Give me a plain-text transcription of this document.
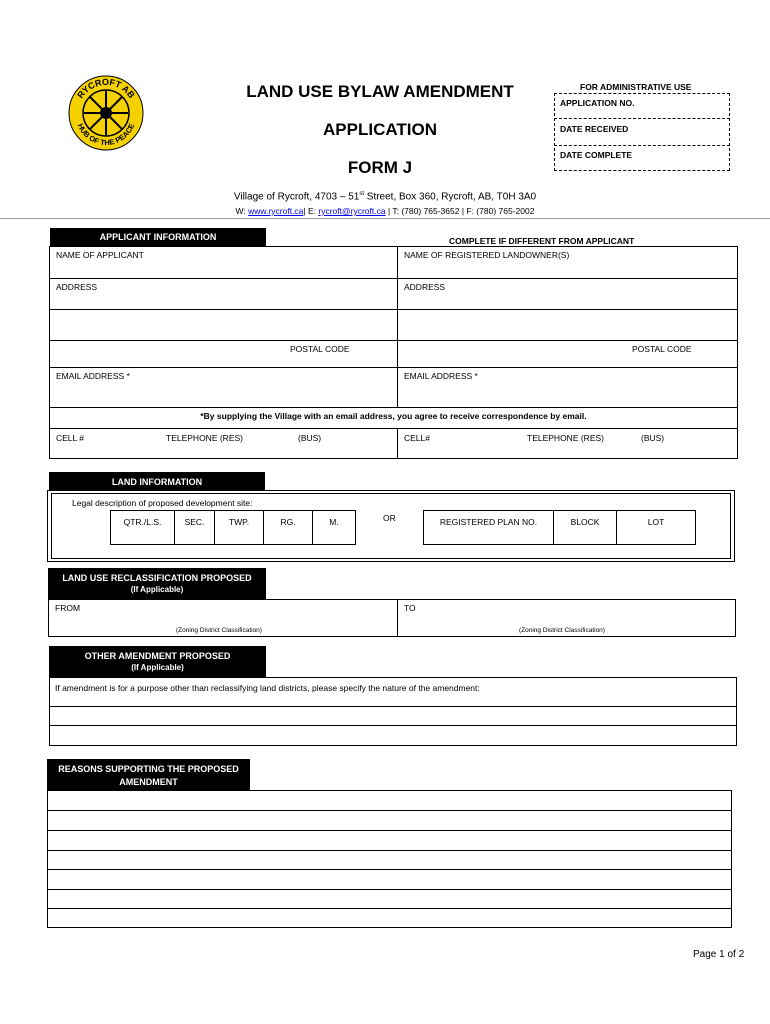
RYCROFT AB
HUB OF THE PEACE
LAND USE BYLAW AMENDMENT
APPLICATION
FORM J
FOR ADMINISTRATIVE USE
APPLICATION NO.
DATE RECEIVED
DATE COMPLETE
Village of Rycroft, 4703 – 51st Street, Box 360, Rycroft, AB, T0H 3A0
W: www.rycroft.ca| E: rycroft@rycroft.ca | T: (780) 765-3652 | F: (780) 765-2002
APPLICANT INFORMATION	COMPLETE IF DIFFERENT FROM APPLICANT
NAME OF APPLICANT	NAME OF REGISTERED LANDOWNER(S)
ADDRESS	ADDRESS
POSTAL CODE	POSTAL CODE
EMAIL ADDRESS *	EMAIL ADDRESS *
*By supplying the Village with an email address, you agree to receive correspondence by email.
CELL #	TELEPHONE (RES)	(BUS)	CELL#	TELEPHONE (RES)	(BUS)
LAND INFORMATION
Legal description of proposed development site:
QTR./L.S.	SEC.	TWP.	RG.	M.	OR	REGISTERED PLAN NO.	BLOCK	LOT
LAND USE RECLASSIFICATION PROPOSED
(If Applicable)
FROM	TO
(Zoning District Classification)	(Zoning District Classification)
OTHER AMENDMENT PROPOSED
(If Applicable)
If amendment is for a purpose other than reclassifying land districts, please specify the nature of the amendment:
REASONS SUPPORTING THE PROPOSED
AMENDMENT
Page 1 of 2
